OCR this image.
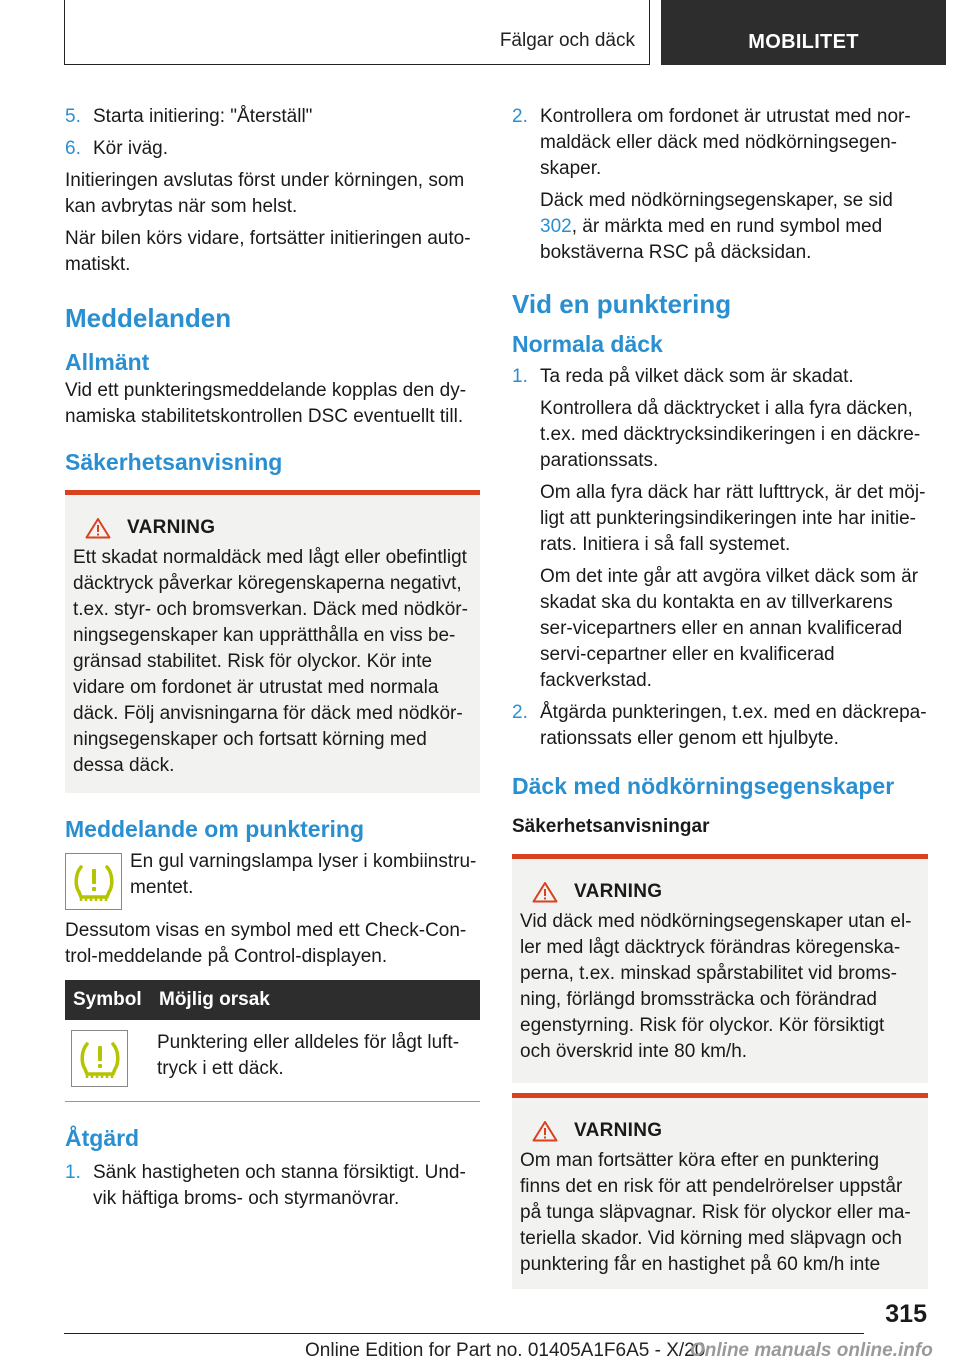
Fälgar och däck	MOBILITET
5. Starta initiering: "Återställ"
6. Kör iväg.

Initieringen avslutas först under körningen, som kan avbrytas när som helst.

När bilen körs vidare, fortsätter initieringen auto-matiskt.

Meddelanden
Allmänt

Vid ett punkteringsmeddelande kopplas den dy-namiska stabilitetskontrollen DSC eventuellt till.

Säkerhetsanvisning
VARNING

Ett skadat normaldäck med lågt eller obefintligt däcktryck påverkar köregenskaperna negativt, t.ex. styr- och bromsverkan. Däck med nödkör-ningsegenskaper kan upprätthålla en viss be-gränsad stabilitet. Risk för olyckor. Kör inte vidare om fordonet är utrustat med normala däck. Följ anvisningarna för däck med nödkör-ningsegenskaper och fortsatt körning med dessa däck.

Meddelande om punktering

En gul varningslampa lyser i kombiinstru-mentet.

Dessutom visas en symbol med ett Check-Con-trol-meddelande på Control-displayen.

Symbol	Möjlig orsak

	Punktering eller alldeles för lågt luft-tryck i ett däck.
Åtgärd
1. Sänk hastigheten och stanna försiktigt. Und-vik häftiga broms- och styrmanövrar.
2. Kontrollera om fordonet är utrustat med nor-maldäck eller däck med nödkörningsegen-skaper.

Däck med nödkörningsegenskaper, se sid 302, är märkta med en rund symbol med bokstäverna RSC på däcksidan.

Vid en punktering
Normala däck
1. Ta reda på vilket däck som är skadat.

Kontrollera då däcktrycket i alla fyra däcken, t.ex. med däcktrycksindikeringen i en däckre-parationssats.

Om alla fyra däck har rätt lufttryck, är det möj-ligt att punkteringsindikeringen inte har initie-rats. Initiera i så fall systemet.

Om det inte går att avgöra vilket däck som är skadat ska du kontakta en av tillverkarens ser-vicepartners eller en annan kvalificerad servi-cepartner eller en kvalificerad fackverkstad.

2. Åtgärda punkteringen, t.ex. med en däckrepa-rationssats eller genom ett hjulbyte.

Däck med nödkörningsegenskaper
Säkerhetsanvisningar
VARNING

Vid däck med nödkörningsegenskaper utan el-ler med lågt däcktryck förändras köregenska-perna, t.ex. minskad spårstabilitet vid broms-ning, förlängd bromssträcka och förändrad egenstyrning. Risk för olyckor. Kör försiktigt och överskrid inte 80 km/h.

VARNING

Om man fortsätter köra efter en punktering finns det en risk för att pendelrörelser uppstår på tunga släpvagnar. Risk för olyckor eller ma-teriella skador. Vid körning med släpvagn och punktering får en hastighet på 60 km/h inte

315
Online Edition for Part no. 01405A1F6A5 - X/20
Online manuals online.info
